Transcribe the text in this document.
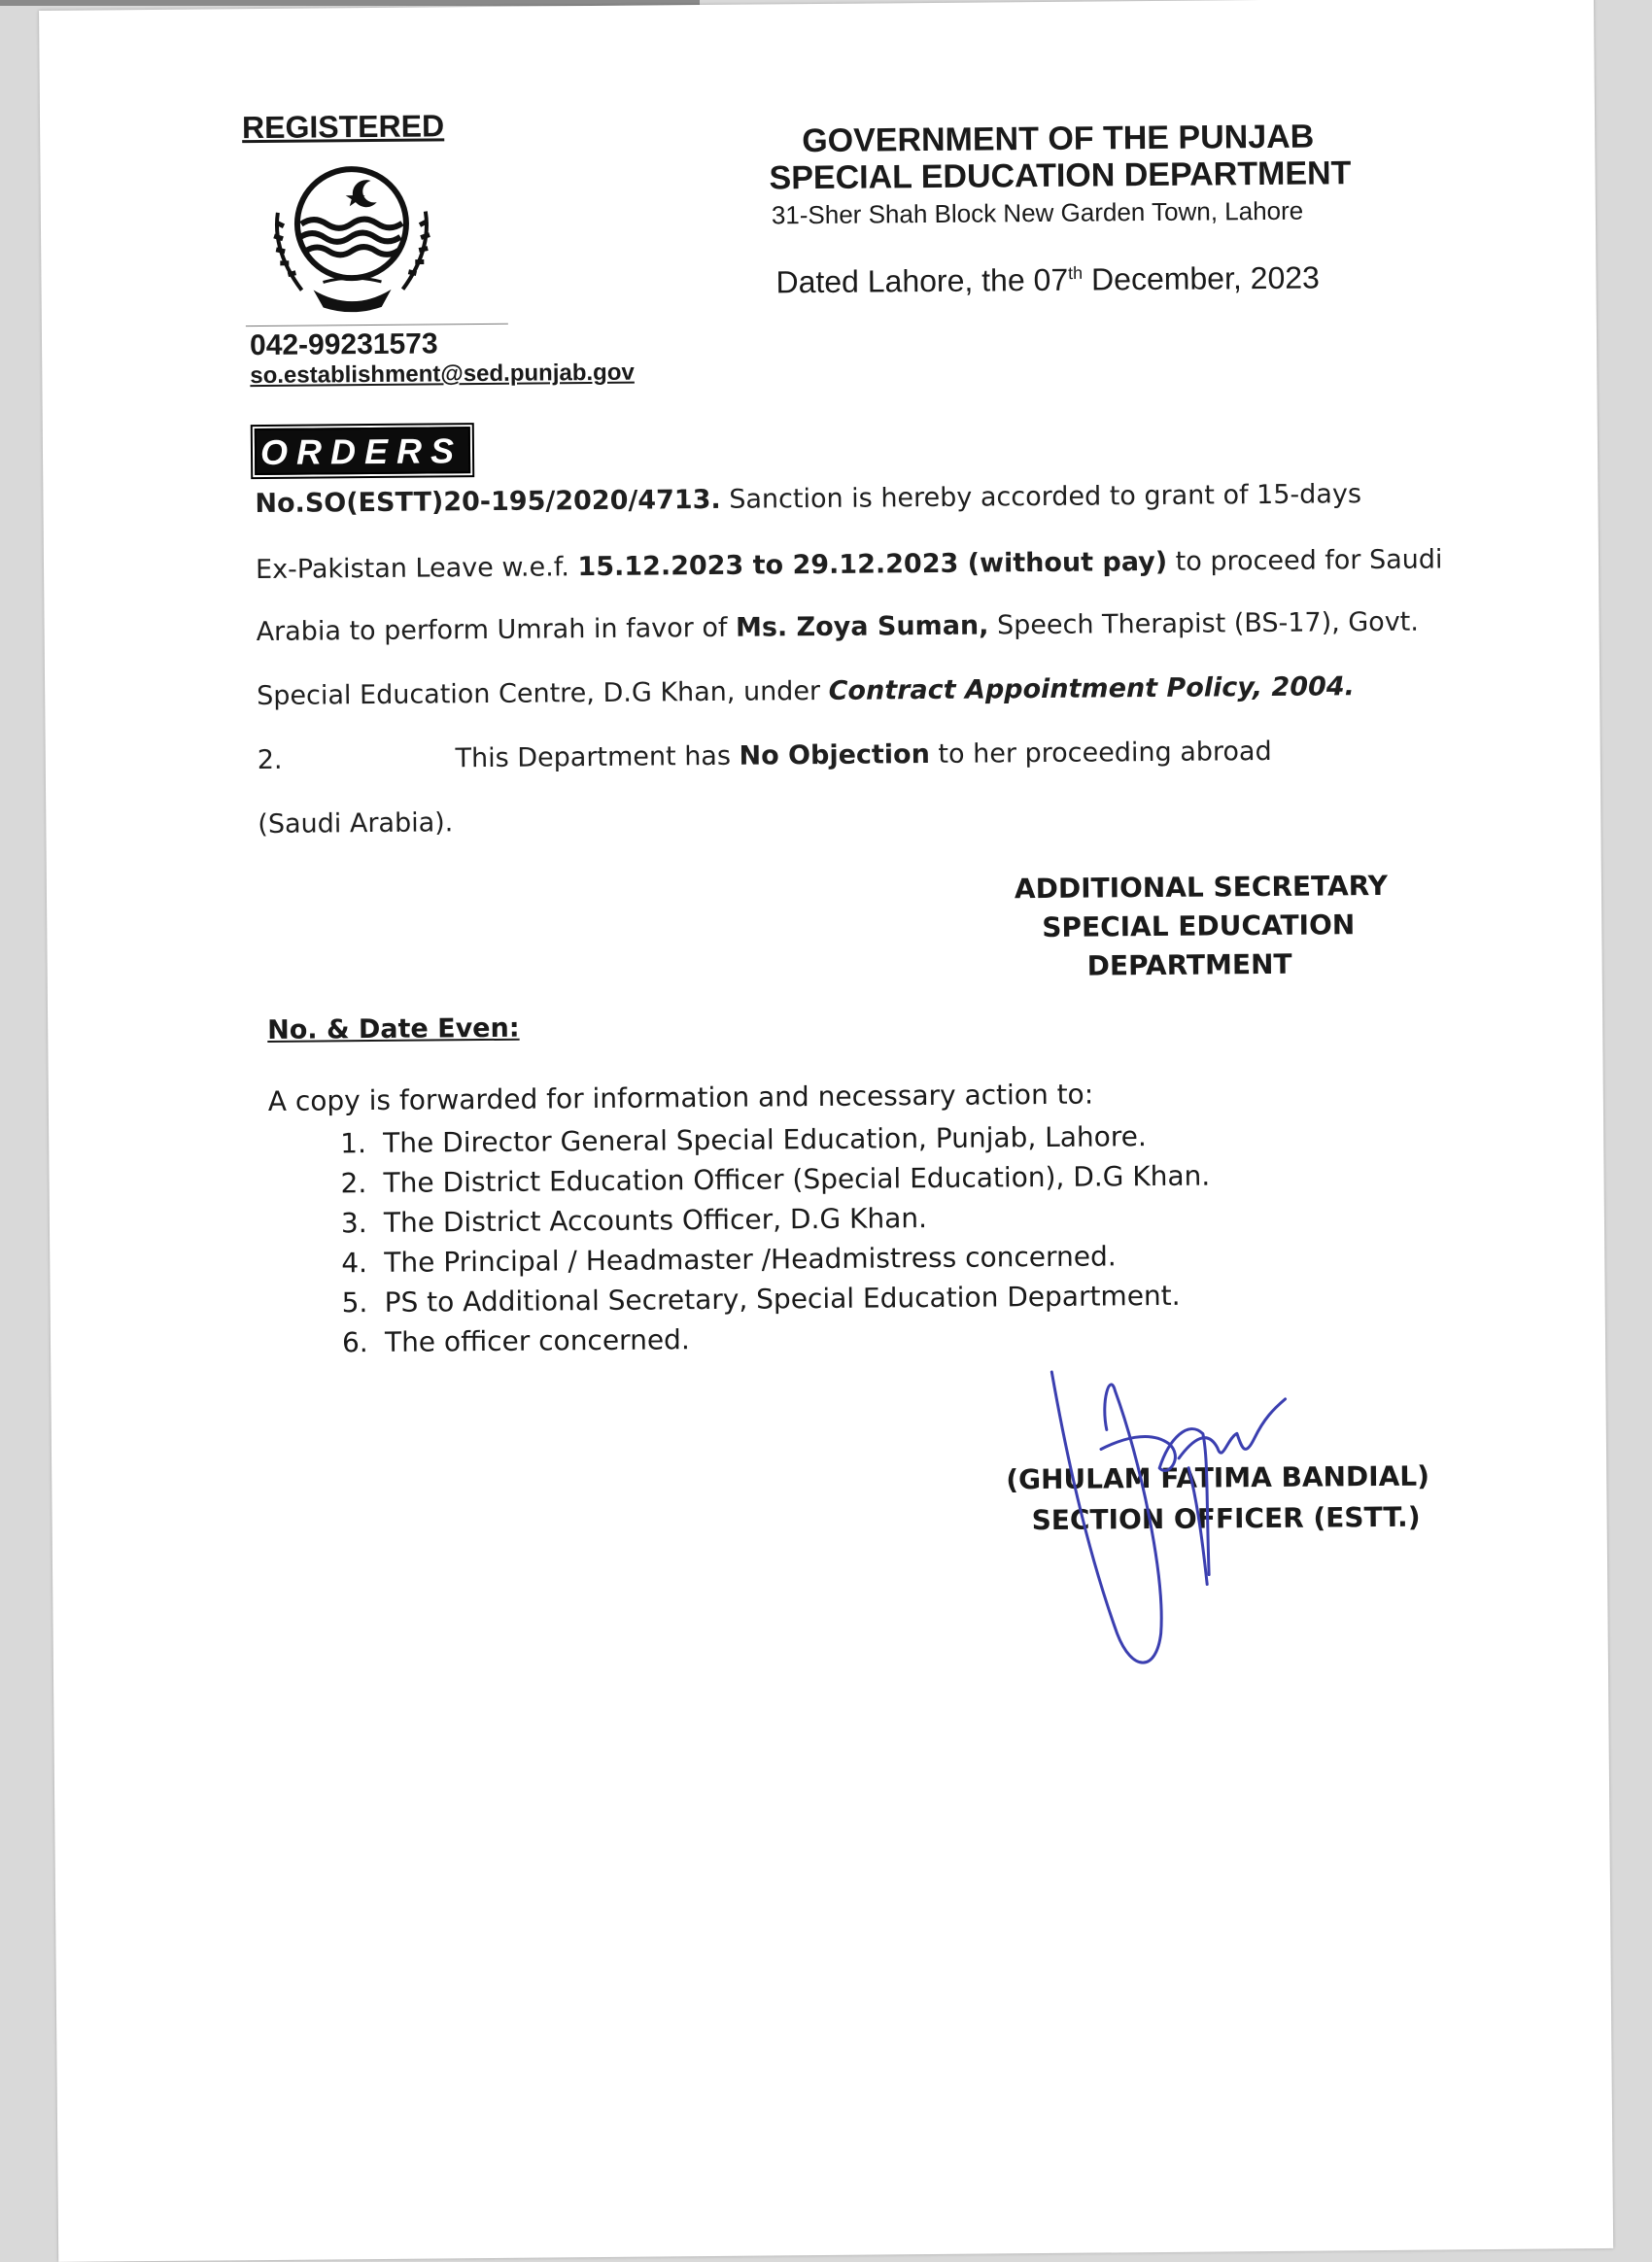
REGISTERED
042-99231573
so.establishment@sed.punjab.gov
GOVERNMENT OF THE PUNJAB
SPECIAL EDUCATION DEPARTMENT
31-Sher Shah Block New Garden Town, Lahore
Dated Lahore, the 07th December, 2023
ORDERS
No.SO(ESTT)20-195/2020/4713. Sanction is hereby accorded to grant of 15-days
Ex-Pakistan Leave w.e.f. 15.12.2023 to 29.12.2023 (without pay) to proceed for Saudi
Arabia to perform Umrah in favor of Ms. Zoya Suman, Speech Therapist (BS-17), Govt.
Special Education Centre, D.G Khan, under Contract Appointment Policy, 2004.
2.	This Department has No Objection to her proceeding abroad
(Saudi Arabia).
ADDITIONAL SECRETARY
SPECIAL EDUCATION
DEPARTMENT
No. & Date Even:
A copy is forwarded for information and necessary action to:
1. The Director General Special Education, Punjab, Lahore.
2. The District Education Officer (Special Education), D.G Khan.
3. The District Accounts Officer, D.G Khan.
4. The Principal / Headmaster /Headmistress concerned.
5. PS to Additional Secretary, Special Education Department.
6. The officer concerned.
(GHULAM FATIMA BANDIAL)
SECTION OFFICER (ESTT.)
